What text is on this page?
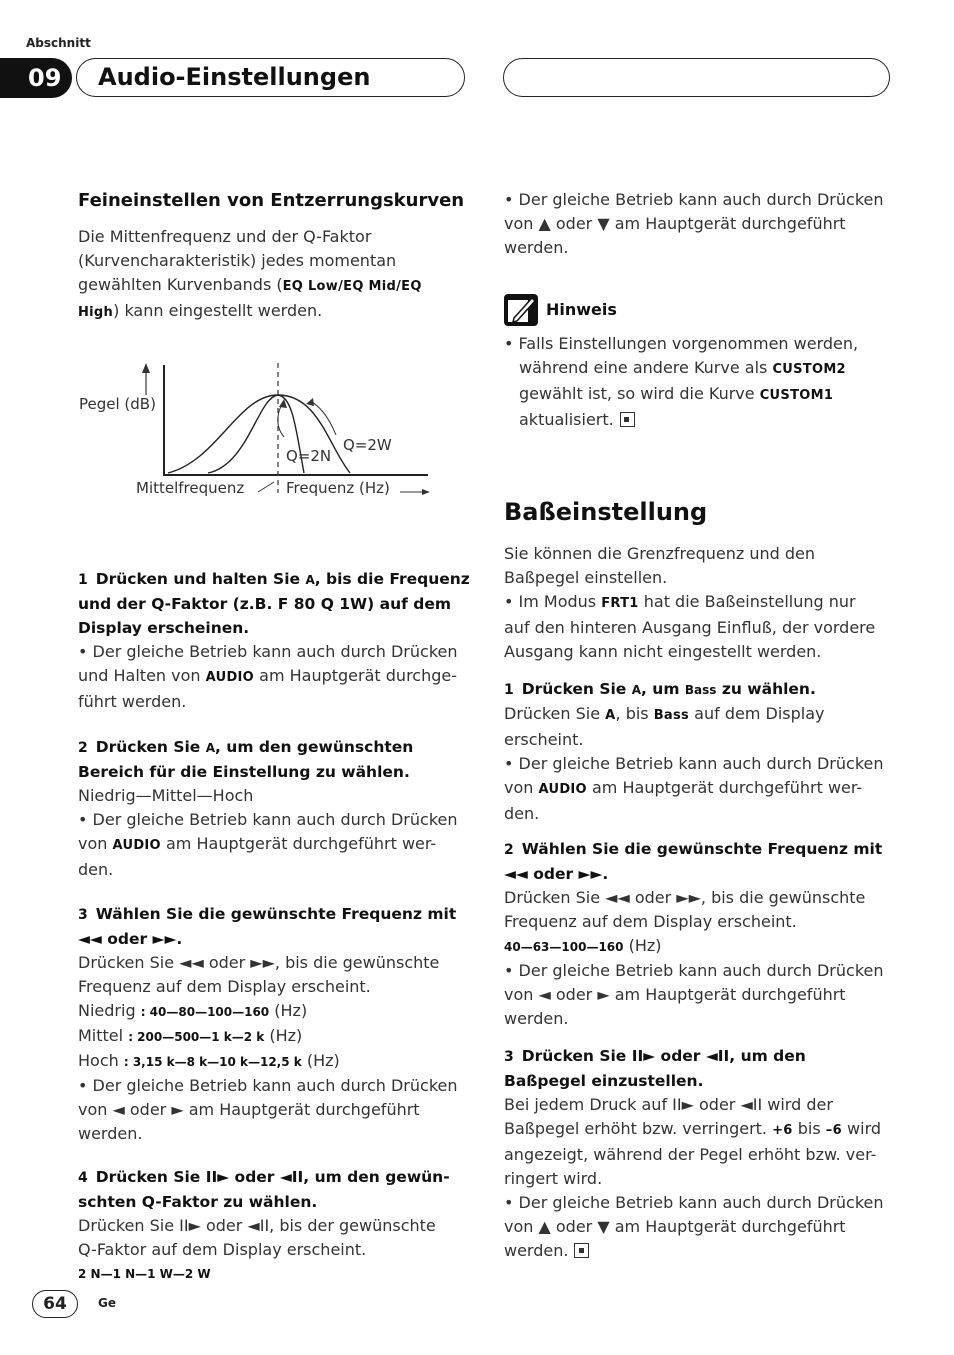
Abschnitt
09	Audio-Einstellungen
Feineinstellen von Entzerrungskurven

Die Mittenfrequenz und der Q-Faktor

(Kurvencharakteristik) jedes momentan

gewählten Kurvenbands (EQ Low/EQ Mid/EQ

High) kann eingestellt werden.

Pegel (dB)
Q=2N
Q=2W
Mittelfrequenz	Frequenz (Hz)

1 Drücken und halten Sie A, bis die Frequenz

und der Q-Faktor (z.B. F 80 Q 1W) auf dem

Display erscheinen.

• Der gleiche Betrieb kann auch durch Drücken

und Halten von AUDIO am Hauptgerät durchge-

führt werden.

2 Drücken Sie A, um den gewünschten

Bereich für die Einstellung zu wählen.

Niedrig—Mittel—Hoch

• Der gleiche Betrieb kann auch durch Drücken

von AUDIO am Hauptgerät durchgeführt wer-

den.

3 Wählen Sie die gewünschte Frequenz mit

◄◄ oder ►►.

Drücken Sie ◄◄ oder ►►, bis die gewünschte

Frequenz auf dem Display erscheint.

Niedrig : 40—80—100—160 (Hz)

Mittel : 200—500—1 k—2 k (Hz)

Hoch : 3,15 k—8 k—10 k—12,5 k (Hz)

• Der gleiche Betrieb kann auch durch Drücken

von ◄ oder ► am Hauptgerät durchgeführt

werden.

4 Drücken Sie II► oder ◄II, um den gewün-

schten Q-Faktor zu wählen.

Drücken Sie II► oder ◄II, bis der gewünschte

Q-Faktor auf dem Display erscheint.

2 N—1 N—1 W—2 W

64	Ge

• Der gleiche Betrieb kann auch durch Drücken

von ▲ oder ▼ am Hauptgerät durchgeführt

werden.

Hinweis

• Falls Einstellungen vorgenommen werden,

während eine andere Kurve als CUSTOM2

gewählt ist, so wird die Kurve CUSTOM1

aktualisiert.

Baßeinstellung

Sie können die Grenzfrequenz und den

Baßpegel einstellen.

• Im Modus FRT1 hat die Baßeinstellung nur

auf den hinteren Ausgang Einfluß, der vordere

Ausgang kann nicht eingestellt werden.

1 Drücken Sie A, um Bass zu wählen.

Drücken Sie A, bis Bass auf dem Display

erscheint.

• Der gleiche Betrieb kann auch durch Drücken

von AUDIO am Hauptgerät durchgeführt wer-

den.

2 Wählen Sie die gewünschte Frequenz mit

◄◄ oder ►►.

Drücken Sie ◄◄ oder ►►, bis die gewünschte

Frequenz auf dem Display erscheint.

40—63—100—160 (Hz)

• Der gleiche Betrieb kann auch durch Drücken

von ◄ oder ► am Hauptgerät durchgeführt

werden.

3 Drücken Sie II► oder ◄II, um den

Baßpegel einzustellen.

Bei jedem Druck auf II► oder ◄II wird der

Baßpegel erhöht bzw. verringert. +6 bis –6 wird

angezeigt, während der Pegel erhöht bzw. ver-

ringert wird.

• Der gleiche Betrieb kann auch durch Drücken

von ▲ oder ▼ am Hauptgerät durchgeführt

werden.
